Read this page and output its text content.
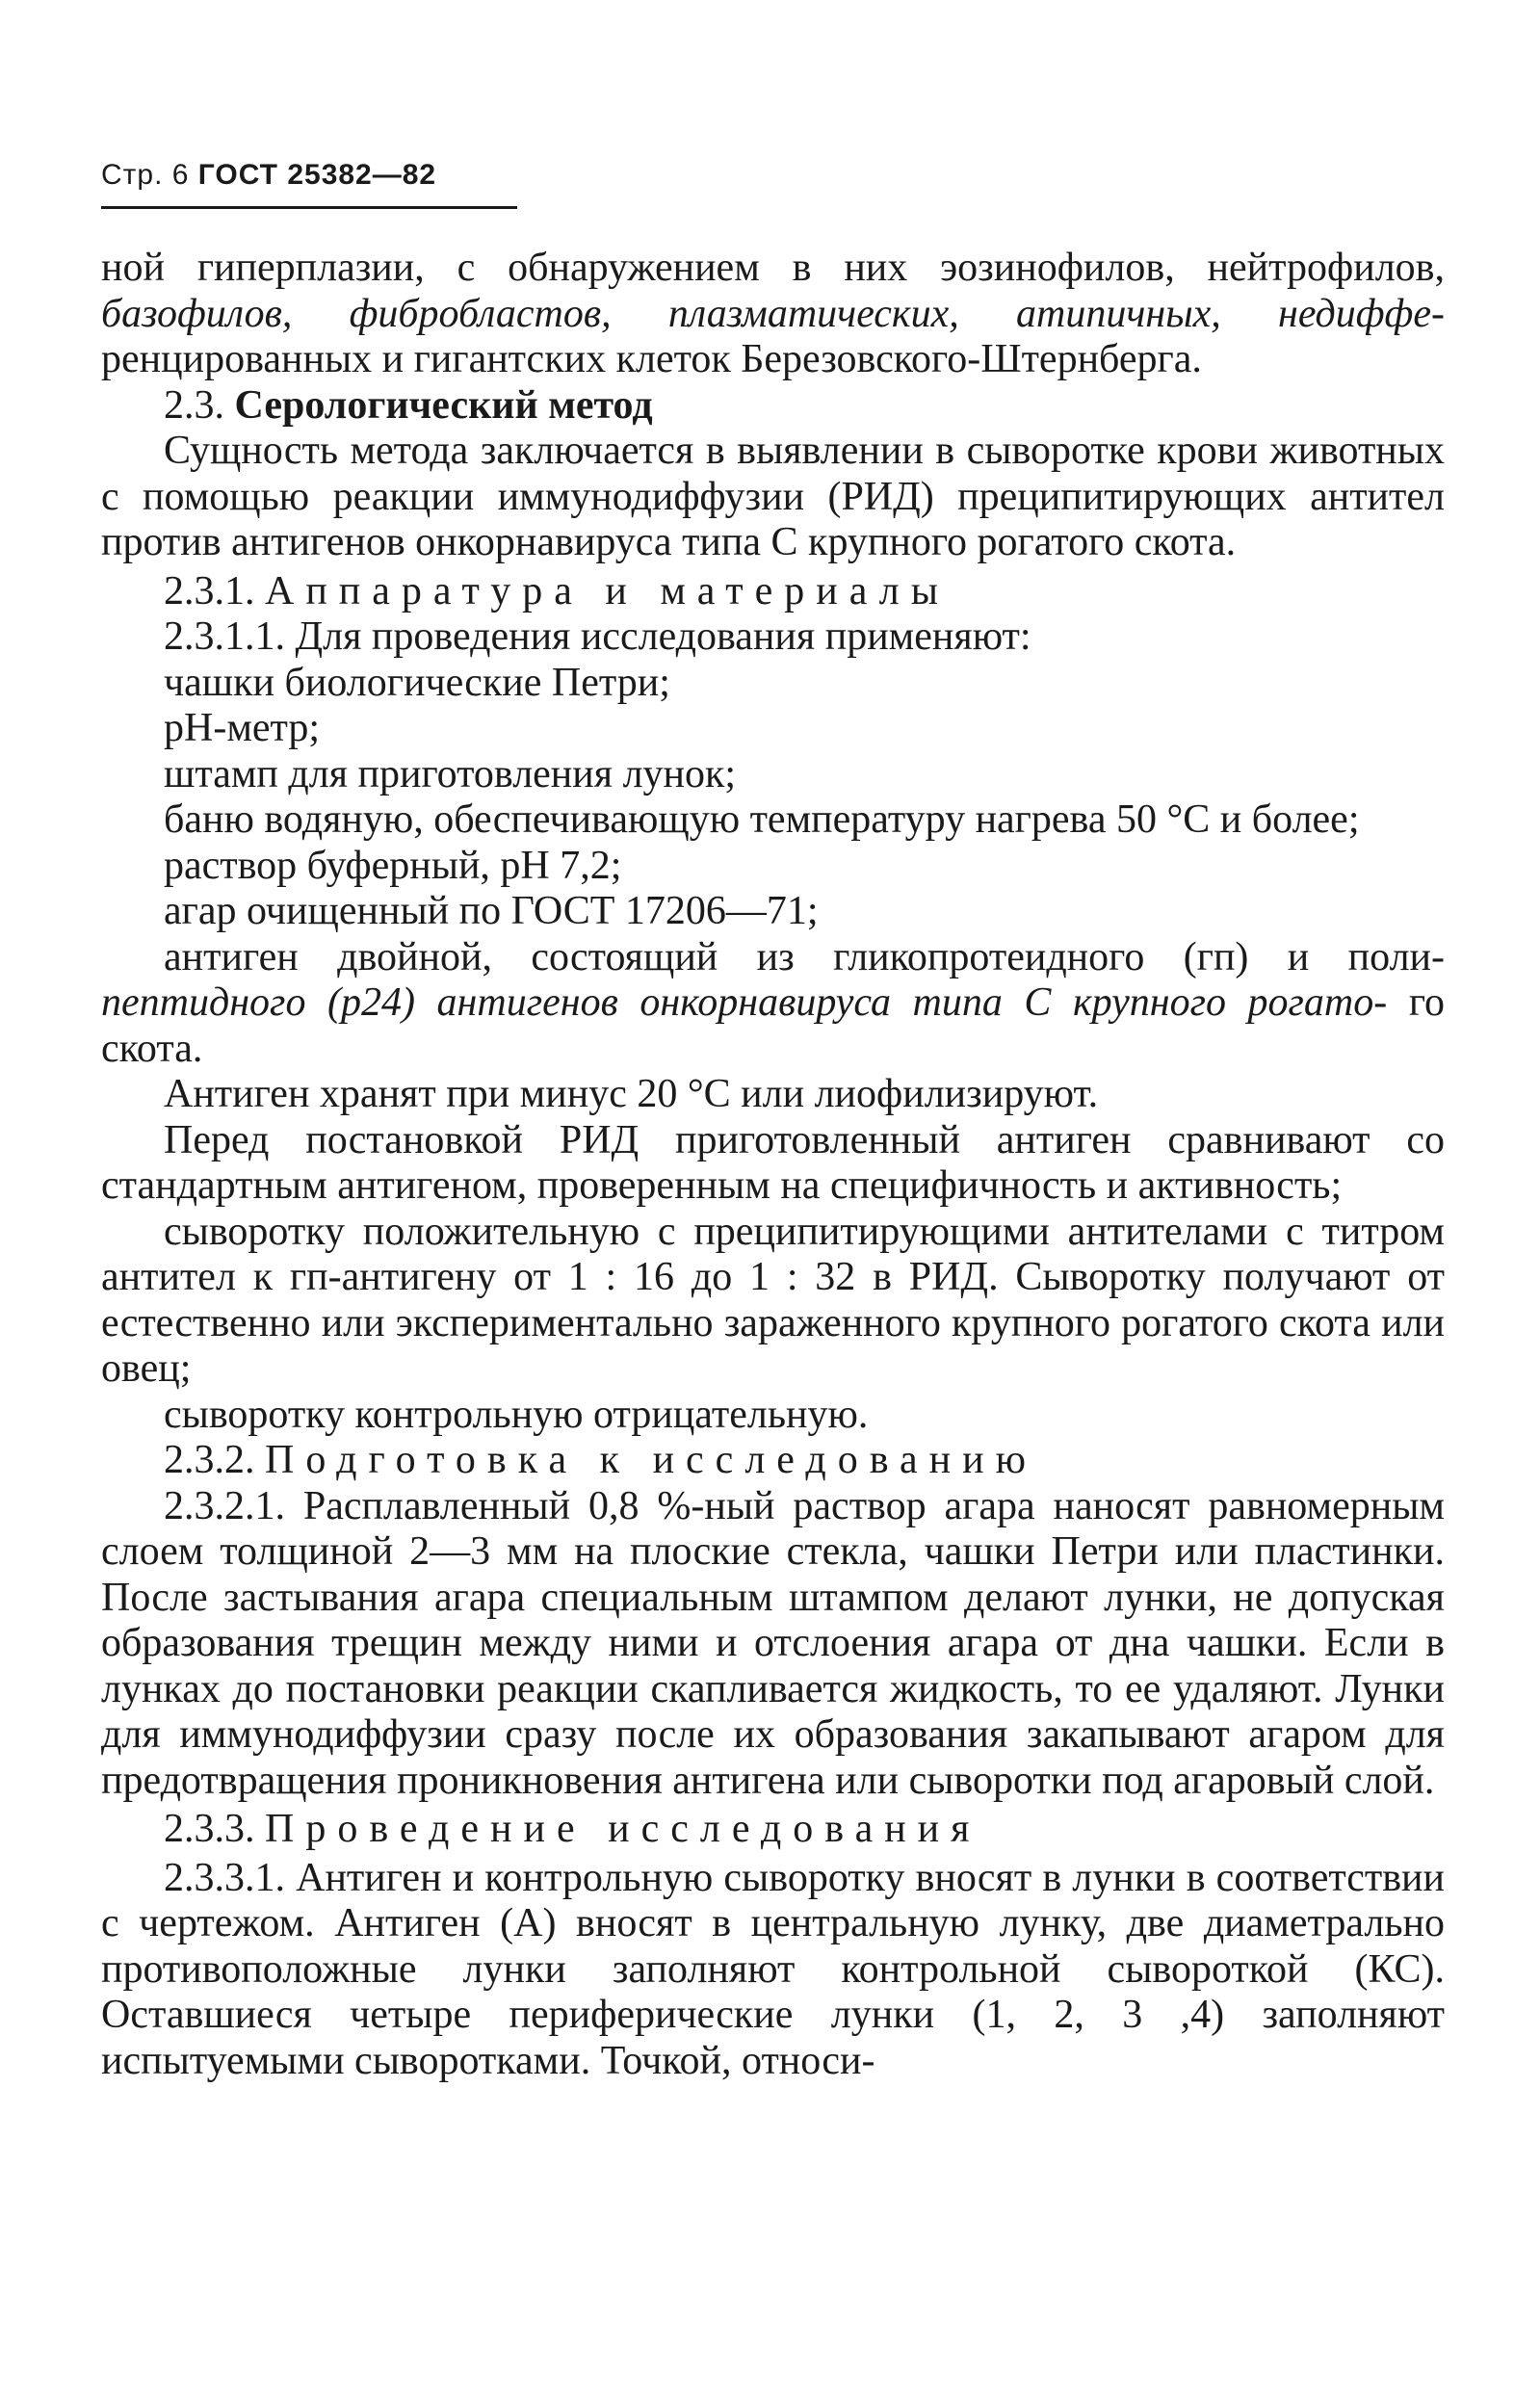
Стр. 6 ГОСТ 25382—82

ной гиперплазии, с обнаружением в них эозинофилов, нейтрофилов, базофилов, фибробластов, плазматических, атипичных, недиффе- ренцированных и гигантских клеток Березовского-Штернберга.

2.3. Серологический метод

Сущность метода заключается в выявлении в сыворотке крови животных с помощью реакции иммунодиффузии (РИД) преципитирующих антител против антигенов онкорнавируса типа С крупного рогатого скота.

2.3.1. Аппаратура и материалы

2.3.1.1. Для проведения исследования применяют:

чашки биологические Петри;

рН-метр;

штамп для приготовления лунок;

баню водяную, обеспечивающую температуру нагрева 50 °С и более;

раствор буферный, рН 7,2;

агар очищенный по ГОСТ 17206—71;

антиген двойной, состоящий из гликопротеидного (гп) и поли- пептидного (р24) антигенов онкорнавируса типа С крупного рогато- го скота.

Антиген хранят при минус 20 °С или лиофилизируют.

Перед постановкой РИД приготовленный антиген сравнивают со стандартным антигеном, проверенным на специфичность и активность;

сыворотку положительную с преципитирующими антителами с титром антител к гп-антигену от 1 : 16 до 1 : 32 в РИД. Сыворотку получают от естественно или экспериментально зараженного крупного рогатого скота или овец;

сыворотку контрольную отрицательную.

2.3.2. Подготовка к исследованию

2.3.2.1. Расплавленный 0,8 %-ный раствор агара наносят равномерным слоем толщиной 2—3 мм на плоские стекла, чашки Петри или пластинки. После застывания агара специальным штампом делают лунки, не допуская образования трещин между ними и отслоения агара от дна чашки. Если в лунках до постановки реакции скапливается жидкость, то ее удаляют. Лунки для иммунодиффузии сразу после их образования закапывают агаром для предотвращения проникновения антигена или сыворотки под агаровый слой.

2.3.3. Проведение исследования

2.3.3.1. Антиген и контрольную сыворотку вносят в лунки в соответствии с чертежом. Антиген (А) вносят в центральную лунку, две диаметрально противоположные лунки заполняют контрольной сывороткой (КС). Оставшиеся четыре периферические лунки (1, 2, 3 ,4) заполняют испытуемыми сыворотками. Точкой, относи-
